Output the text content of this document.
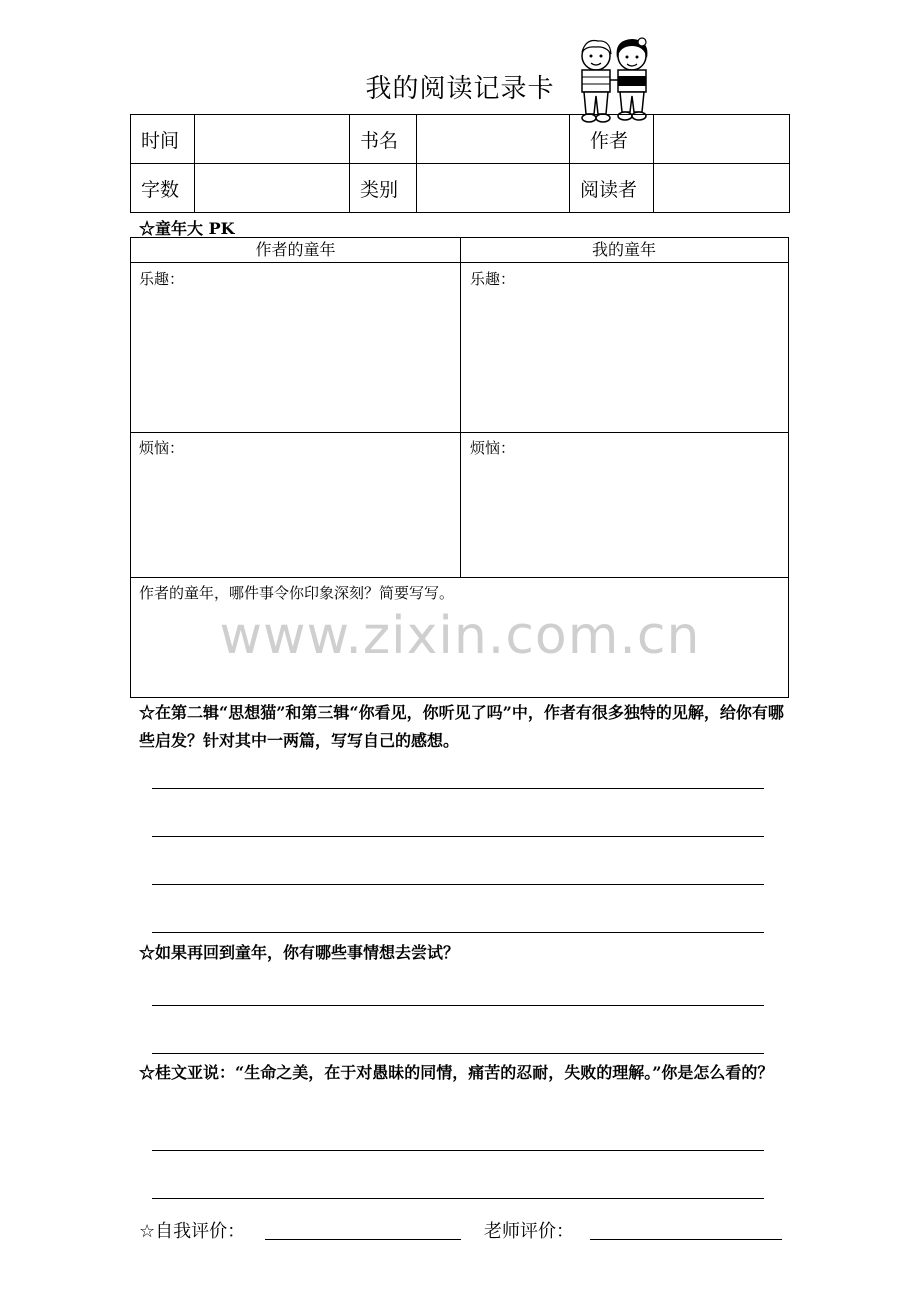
我的阅读记录卡
时间		书名		作者	
字数		类别		阅读者	
☆童年大 PK
作者的童年	我的童年
乐趣：	乐趣：
烦恼：	烦恼：
作者的童年，哪件事令你印象深刻？简要写写。
www.zixin.com.cn
☆在第二辑“思想猫”和第三辑“你看见，你听见了吗”中，作者有很多独特的见解，给你有哪些启发？针对其中一两篇，写写自己的感想。
☆如果再回到童年，你有哪些事情想去尝试？
☆桂文亚说：“生命之美，在于对愚昧的同情，痛苦的忍耐，失败的理解。”你是怎么看的？
☆自我评价：	老师评价：
